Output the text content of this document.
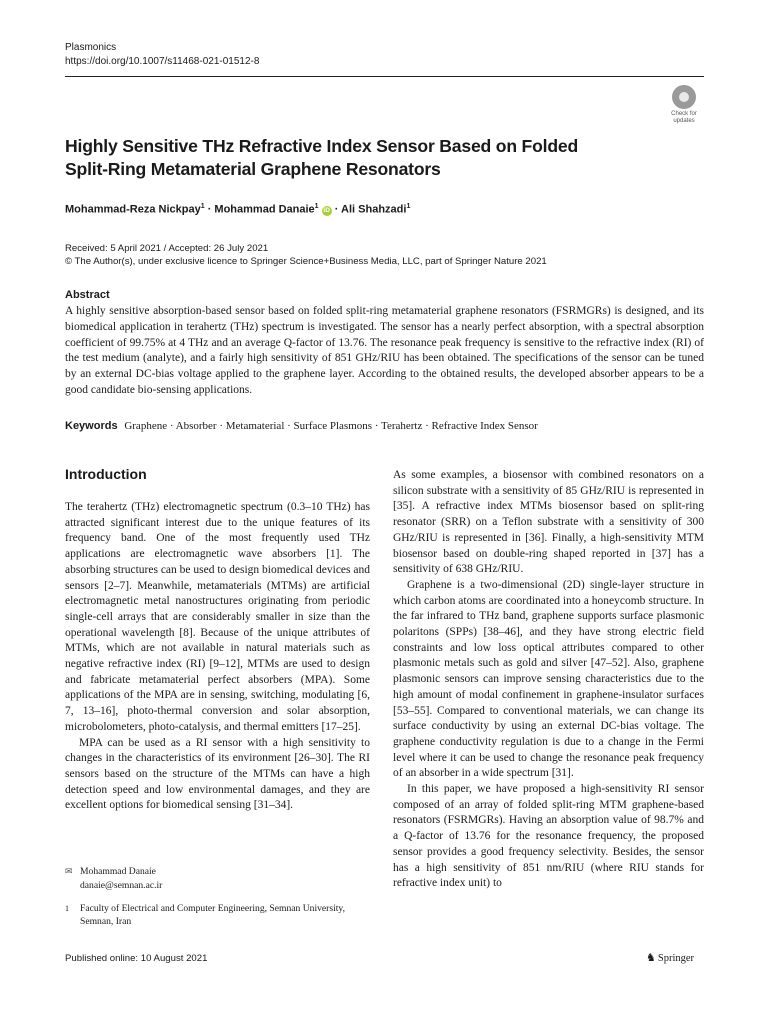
Plasmonics
https://doi.org/10.1007/s11468-021-01512-8
Check for
updates
Highly Sensitive THz Refractive Index Sensor Based on Folded Split-Ring Metamaterial Graphene Resonators
Mohammad-Reza Nickpay$^1$ · Mohammad Danaie$^1$ iD · Ali Shahzadi$^1$
Received: 5 April 2021 / Accepted: 26 July 2021
© The Author(s), under exclusive licence to Springer Science+Business Media, LLC, part of Springer Nature 2021
Abstract
A highly sensitive absorption-based sensor based on folded split-ring metamaterial graphene resonators (FSRMGRs) is designed, and its biomedical application in terahertz (THz) spectrum is investigated. The sensor has a nearly perfect absorption, with a spectral absorption coefficient of 99.75% at 4 THz and an average Q-factor of 13.76. The resonance peak frequency is sensitive to the refractive index (RI) of the test medium (analyte), and a fairly high sensitivity of 851 GHz/RIU has been obtained. The specifications of the sensor can be tuned by an external DC-bias voltage applied to the graphene layer. According to the obtained results, the developed absorber appears to be a good candidate bio-sensing applications.
Keywords Graphene · Absorber · Metamaterial · Surface Plasmons · Terahertz · Refractive Index Sensor
Introduction

The terahertz (THz) electromagnetic spectrum (0.3–10 THz) has attracted significant interest due to the unique features of its frequency band. One of the most frequently used THz applications are electromagnetic wave absorbers [1]. The absorbing structures can be used to design biomedical devices and sensors [2–7]. Meanwhile, metamaterials (MTMs) are artificial electromagnetic metal nanostructures originating from periodic single-cell arrays that are considerably smaller in size than the operational wavelength [8]. Because of the unique attributes of MTMs, which are not available in natural materials such as negative refractive index (RI) [9–12], MTMs are used to design and fabricate metamaterial perfect absorbers (MPA). Some applications of the MPA are in sensing, switching, modulating [6, 7, 13–16], photo-thermal conversion and solar absorption, microbolometers, photo-catalysis, and thermal emitters [17–25].

MPA can be used as a RI sensor with a high sensitivity to changes in the characteristics of its environment [26–30]. The RI sensors based on the structure of the MTMs can have a high detection speed and low environmental damages, and they are excellent options for biomedical sensing [31–34].

As some examples, a biosensor with combined resonators on a silicon substrate with a sensitivity of 85 GHz/RIU is represented in [35]. A refractive index MTMs biosensor based on split-ring resonator (SRR) on a Teflon substrate with a sensitivity of 300 GHz/RIU is represented in [36]. Finally, a high-sensitivity MTM biosensor based on double-ring shaped reported in [37] has a sensitivity of 638 GHz/RIU.

Graphene is a two-dimensional (2D) single-layer structure in which carbon atoms are coordinated into a honeycomb structure. In the far infrared to THz band, graphene supports surface plasmonic polaritons (SPPs) [38–46], and they have strong electric field constraints and low loss optical attributes compared to other plasmonic metals such as gold and silver [47–52]. Also, graphene plasmonic sensors can improve sensing characteristics due to the high amount of modal confinement in graphene-insulator surfaces [53–55]. Compared to conventional materials, we can change its surface conductivity by using an external DC-bias voltage. The graphene conductivity regulation is due to a change in the Fermi level where it can be used to change the resonance peak frequency of an absorber in a wide spectrum [31].

In this paper, we have proposed a high-sensitivity RI sensor composed of an array of folded split-ring MTM graphene-based resonators (FSRMGRs). Having an absorption value of 98.7% and a Q-factor of 13.76 for the resonance frequency, the proposed sensor provides a good frequency selectivity. Besides, the sensor has a high sensitivity of 851 nm/RIU (where RIU stands for refractive index unit) to

✉ Mohammad Danaie
danaie@semnan.ac.ir
1 Faculty of Electrical and Computer Engineering, Semnan University, Semnan, Iran
Published online: 10 August 2021	♞ Springer
